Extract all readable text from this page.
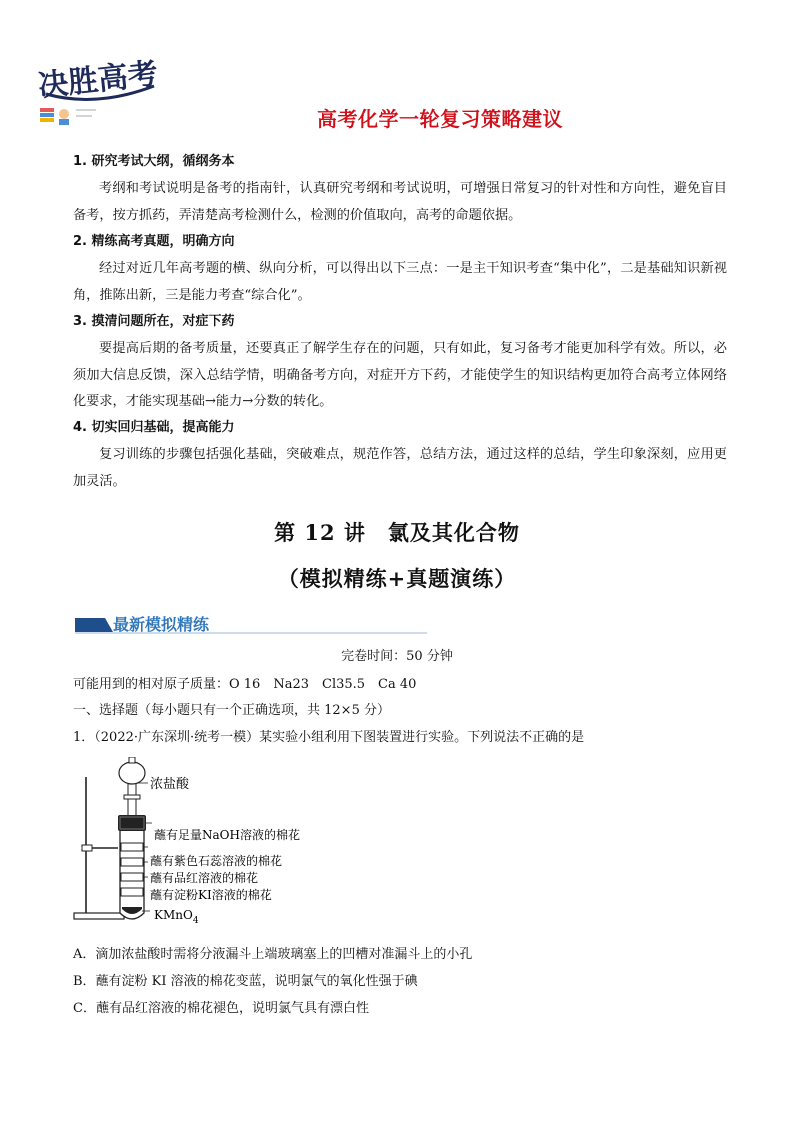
决胜高考
高考化学一轮复习策略建议

1. 研究考试大纲，循纲务本

考纲和考试说明是备考的指南针，认真研究考纲和考试说明，可增强日常复习的针对性和方向性，避免盲目备考，按方抓药，弄清楚高考检测什么，检测的价值取向，高考的命题依据。

2. 精练高考真题，明确方向

经过对近几年高考题的横、纵向分析，可以得出以下三点：一是主干知识考查“集中化”，二是基础知识新视角，推陈出新，三是能力考查“综合化”。

3. 摸清问题所在，对症下药

要提高后期的备考质量，还要真正了解学生存在的问题，只有如此，复习备考才能更加科学有效。所以，必须加大信息反馈，深入总结学情，明确备考方向，对症开方下药，才能使学生的知识结构更加符合高考立体网络化要求，才能实现基础→能力→分数的转化。

4. 切实回归基础，提高能力

复习训练的步骤包括强化基础，突破难点，规范作答，总结方法，通过这样的总结，学生印象深刻，应用更加灵活。

第 12 讲　氯及其化合物
（模拟精练+真题演练）
最新模拟精练
完卷时间：50 分钟
可能用到的相对原子质量：O 16　Na23　Cl35.5　Ca 40
一、选择题（每小题只有一个正确选项，共 12×5 分）
1．（2022·广东深圳·统考一模）某实验小组利用下图装置进行实验。下列说法不正确的是
浓盐酸
蘸有足量NaOH溶液的棉花
蘸有紫色石蕊溶液的棉花
蘸有品红溶液的棉花
蘸有淀粉KI溶液的棉花
KMnO$_4$
A．滴加浓盐酸时需将分液漏斗上端玻璃塞上的凹槽对准漏斗上的小孔
B．蘸有淀粉 KI 溶液的棉花变蓝，说明氯气的氧化性强于碘
C．蘸有品红溶液的棉花褪色，说明氯气具有漂白性
